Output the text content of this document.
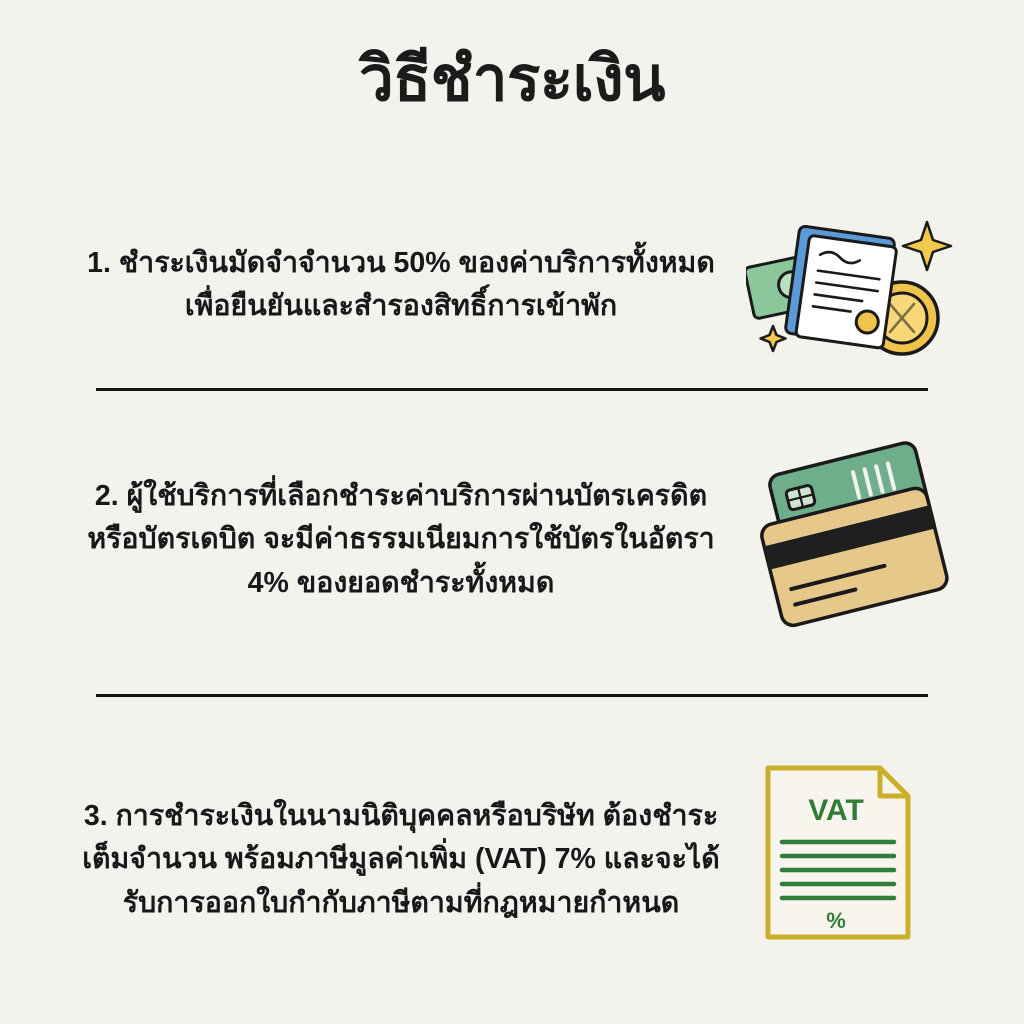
วิธีชำระเงิน
1. ชำระเงินมัดจำจำนวน 50% ของค่าบริการทั้งหมด เพื่อยืนยันและสำรองสิทธิ์การเข้าพัก
2. ผู้ใช้บริการที่เลือกชำระค่าบริการผ่านบัตรเครดิตหรือบัตรเดบิต จะมีค่าธรรมเนียมการใช้บัตรในอัตรา 4% ของยอดชำระทั้งหมด
3. การชำระเงินในนามนิติบุคคลหรือบริษัท ต้องชำระเต็มจำนวน พร้อมภาษีมูลค่าเพิ่ม (VAT) 7% และจะได้รับการออกใบกำกับภาษีตามที่กฎหมายกำหนด
VAT
%
